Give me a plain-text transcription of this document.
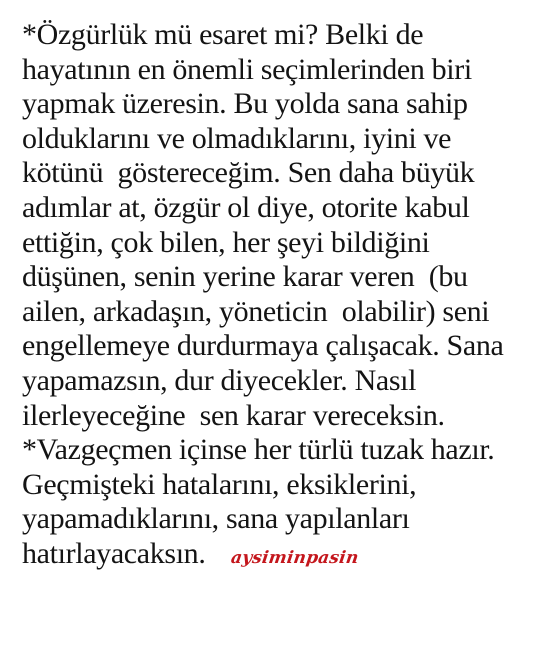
*Özgürlük mü esaret mi? Belki de
hayatının en önemli seçimlerinden biri
yapmak üzeresin. Bu yolda sana sahip
olduklarını ve olmadıklarını, iyini ve
kötünü  göstereceğim. Sen daha büyük
adımlar at, özgür ol diye, otorite kabul
ettiğin, çok bilen, her şeyi bildiğini
düşünen, senin yerine karar veren  (bu
ailen, arkadaşın, yöneticin  olabilir) seni
engellemeye durdurmaya çalışacak. Sana
yapamazsın, dur diyecekler. Nasıl
ilerleyeceğine  sen karar vereceksin.
*Vazgeçmen içinse her türlü tuzak hazır.
Geçmişteki hatalarını, eksiklerini,
yapamadıklarını, sana yapılanları
hatırlayacaksın. aysiminpasin
